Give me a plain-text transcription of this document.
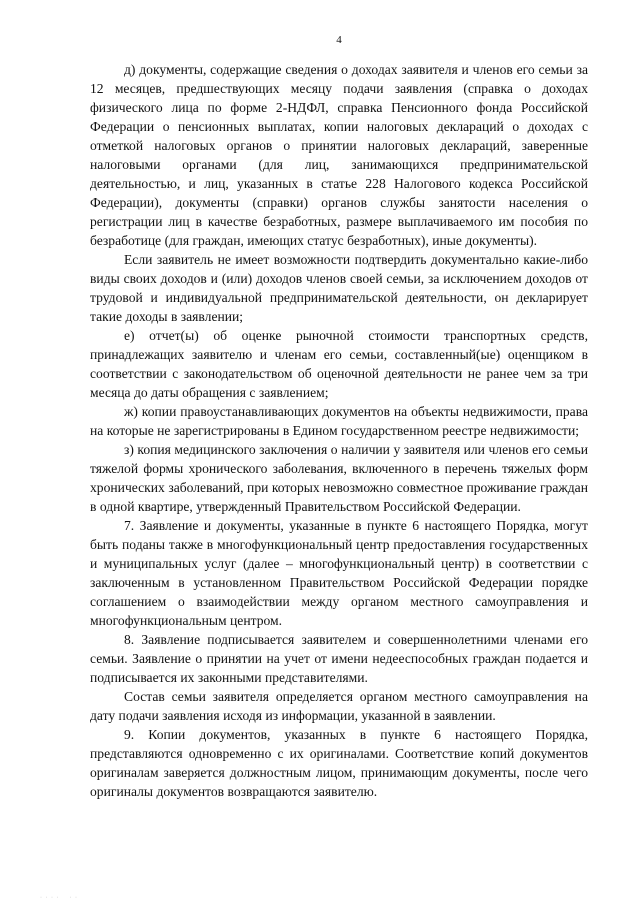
4

д) документы, содержащие сведения о доходах заявителя и членов его семьи за 12 месяцев, предшествующих месяцу подачи заявления (справка о доходах физического лица по форме 2-НДФЛ, справка Пенсионного фонда Российской Федерации о пенсионных выплатах, копии налоговых деклараций о доходах с отметкой налоговых органов о принятии налоговых деклараций, заверенные налоговыми органами (для лиц, занимающихся предпринимательской деятельностью, и лиц, указанных в статье 228 Налогового кодекса Российской Федерации), документы (справки) органов службы занятости населения о регистрации лиц в качестве безработных, размере выплачиваемого им пособия по безработице (для граждан, имеющих статус безработных), иные документы).

Если заявитель не имеет возможности подтвердить документально какие-либо виды своих доходов и (или) доходов членов своей семьи, за исключением доходов от трудовой и индивидуальной предпринимательской деятельности, он декларирует такие доходы в заявлении;

е) отчет(ы) об оценке рыночной стоимости транспортных средств, принадлежащих заявителю и членам его семьи, составленный(ые) оценщиком в соответствии с законодательством об оценочной деятельности не ранее чем за три месяца до даты обращения с заявлением;

ж) копии правоустанавливающих документов на объекты недвижимости, права на которые не зарегистрированы в Едином государственном реестре недвижимости;

з) копия медицинского заключения о наличии у заявителя или членов его семьи тяжелой формы хронического заболевания, включенного в перечень тяжелых форм хронических заболеваний, при которых невозможно совместное проживание граждан в одной квартире, утвержденный Правительством Российской Федерации.

7. Заявление и документы, указанные в пункте 6 настоящего Порядка, могут быть поданы также в многофункциональный центр предоставления государственных и муниципальных услуг (далее – многофункциональный центр) в соответствии с заключенным в установленном Правительством Российской Федерации порядке соглашением о взаимодействии между органом местного самоуправления и многофункциональным центром.

8. Заявление подписывается заявителем и совершеннолетними членами его семьи. Заявление о принятии на учет от имени недееспособных граждан подается и подписывается их законными представителями.

Состав семьи заявителя определяется органом местного самоуправления на дату подачи заявления исходя из информации, указанной в заявлении.

9. Копии документов, указанных в пункте 6 настоящего Порядка, представляются одновременно с их оригиналами. Соответствие копий документов оригиналам заверяется должностным лицом, принимающим документы, после чего оригиналы документов возвращаются заявителю.

· · · ·    · ·
